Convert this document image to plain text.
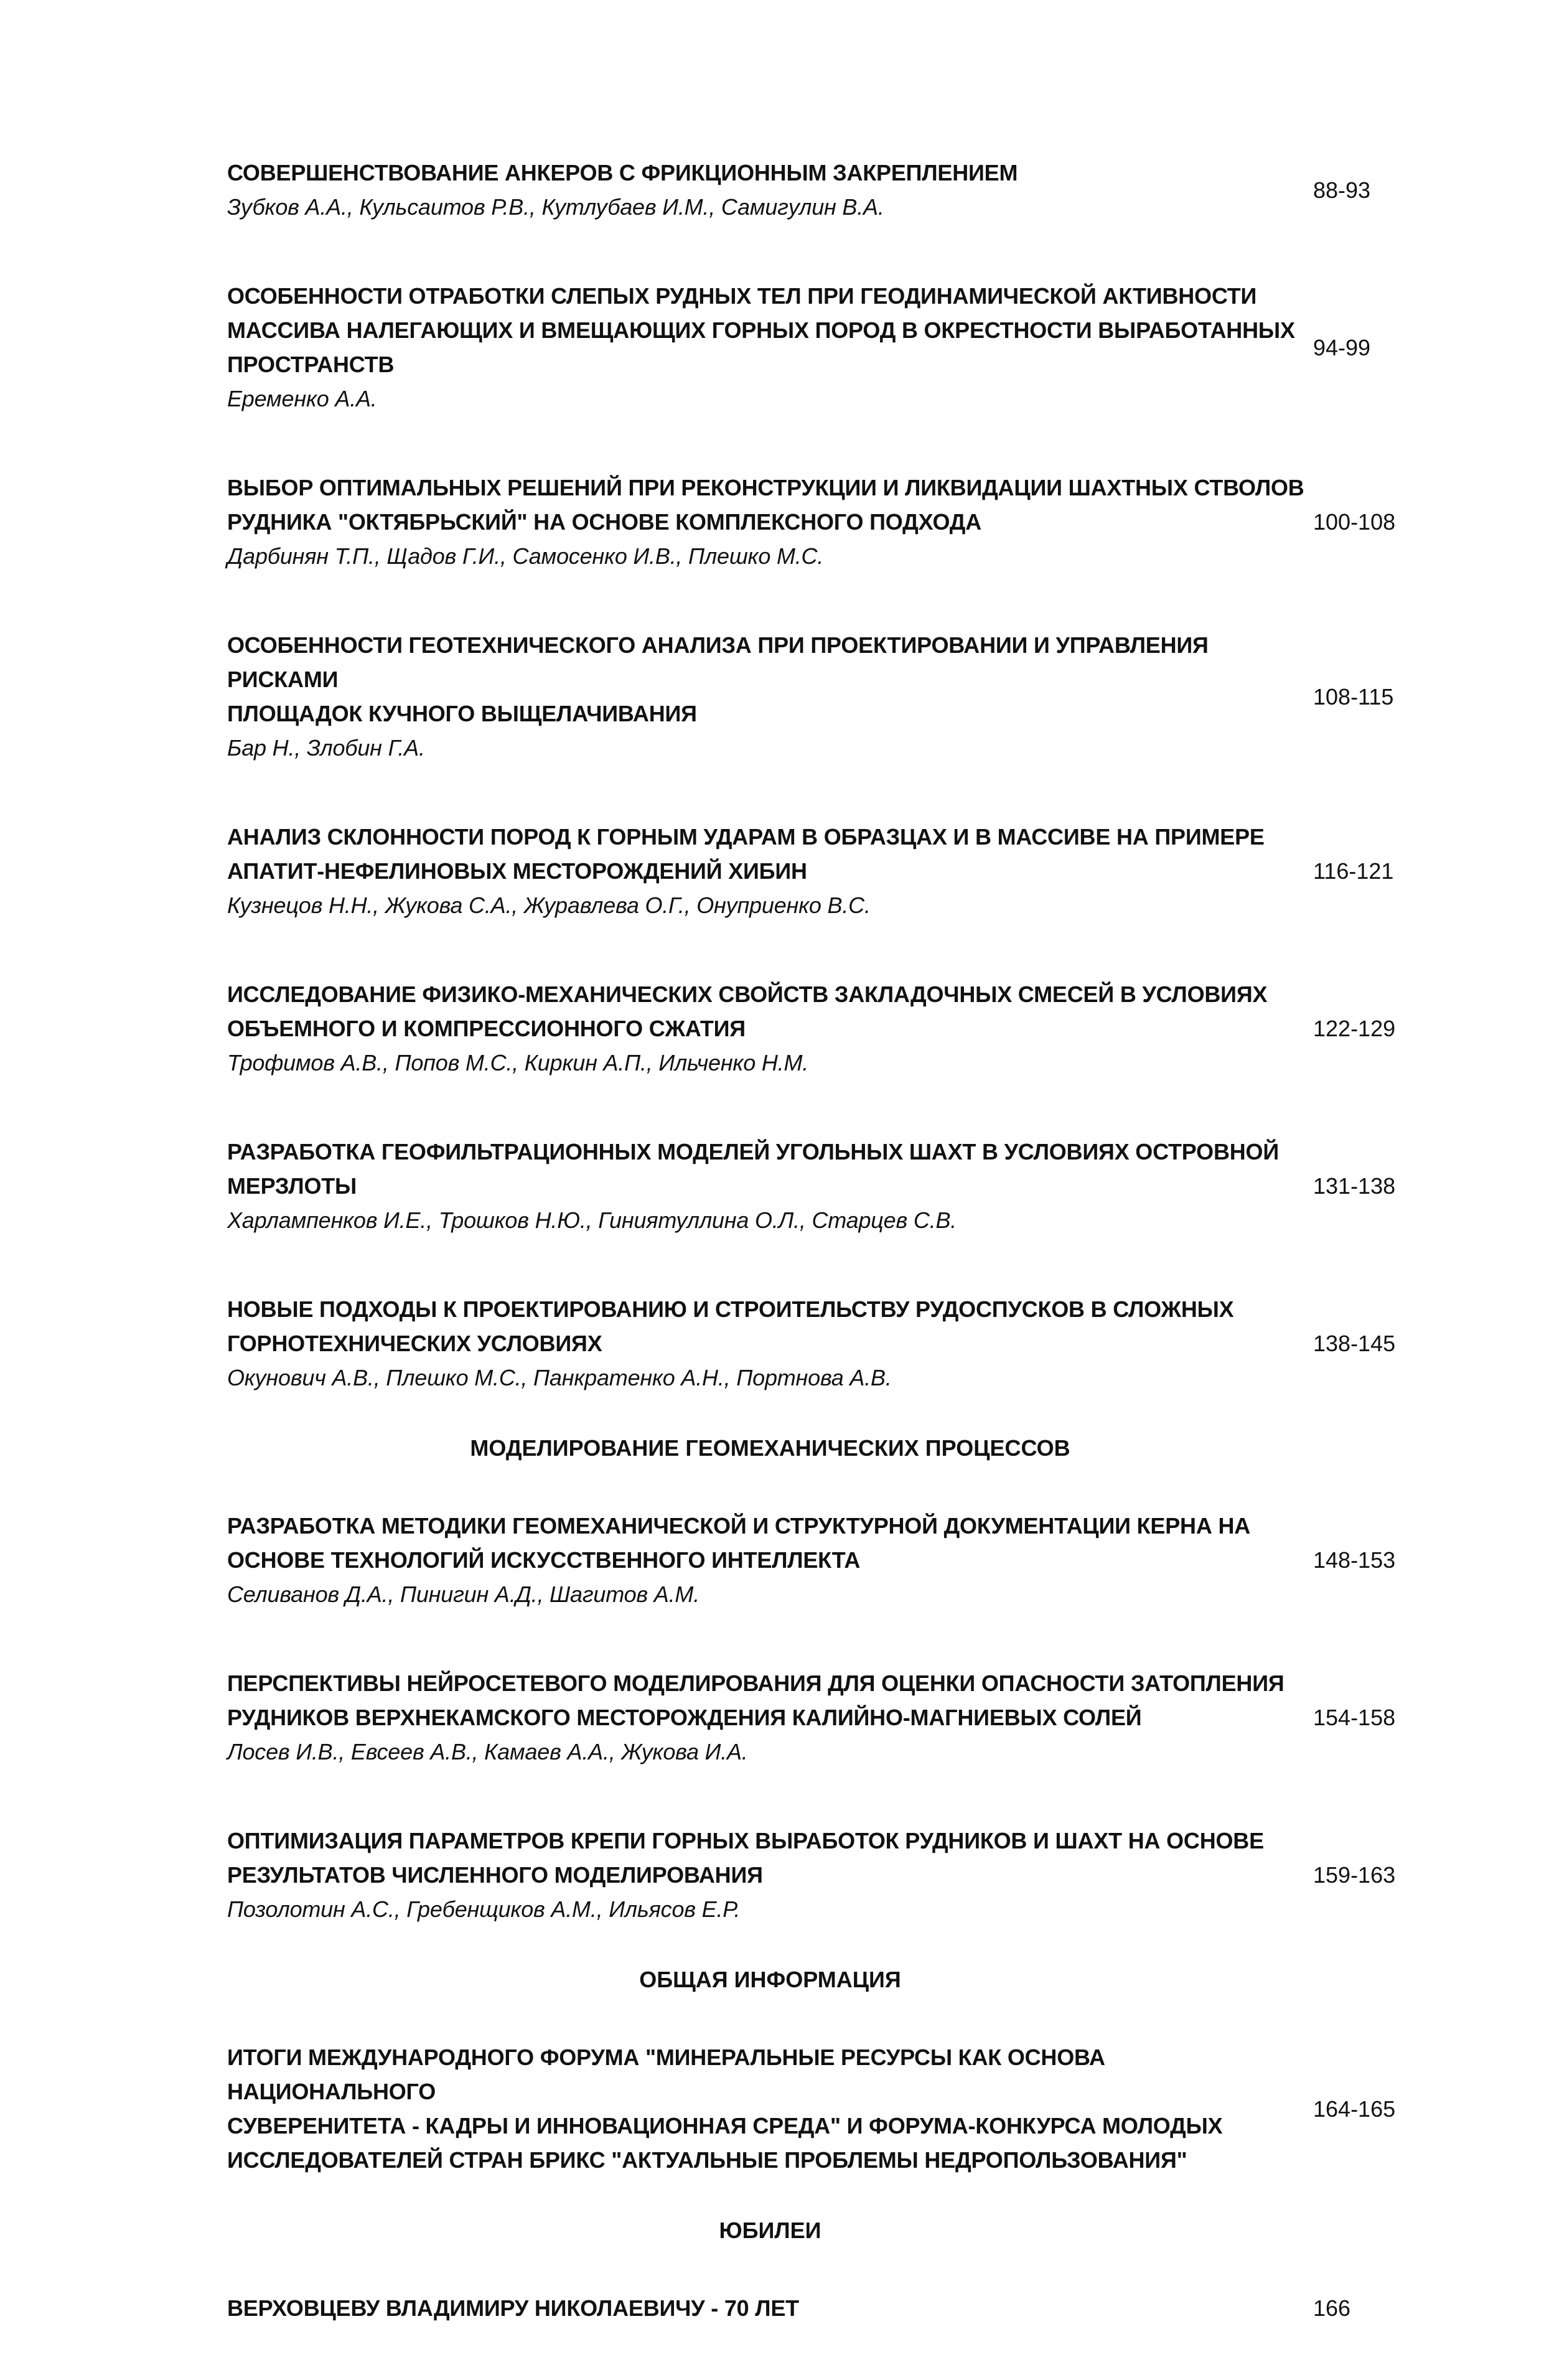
СОВЕРШЕНСТВОВАНИЕ АНКЕРОВ С ФРИКЦИОННЫМ ЗАКРЕПЛЕНИЕМ
Зубков А.А., Кульсаитов Р.В., Кутлубаев И.М., Самигулин В.А.
88-93
ОСОБЕННОСТИ ОТРАБОТКИ СЛЕПЫХ РУДНЫХ ТЕЛ ПРИ ГЕОДИНАМИЧЕСКОЙ АКТИВНОСТИ
МАССИВА НАЛЕГАЮЩИХ И ВМЕЩАЮЩИХ ГОРНЫХ ПОРОД В ОКРЕСТНОСТИ ВЫРАБОТАННЫХ
ПРОСТРАНСТВ
Еременко А.А.
94-99
ВЫБОР ОПТИМАЛЬНЫХ РЕШЕНИЙ ПРИ РЕКОНСТРУКЦИИ И ЛИКВИДАЦИИ ШАХТНЫХ СТВОЛОВ
РУДНИКА "ОКТЯБРЬСКИЙ" НА ОСНОВЕ КОМПЛЕКСНОГО ПОДХОДА
Дарбинян Т.П., Щадов Г.И., Самосенко И.В., Плешко М.С.
100-108
ОСОБЕННОСТИ ГЕОТЕХНИЧЕСКОГО АНАЛИЗА ПРИ ПРОЕКТИРОВАНИИ И УПРАВЛЕНИЯ РИСКАМИ
ПЛОЩАДОК КУЧНОГО ВЫЩЕЛАЧИВАНИЯ
Бар Н., Злобин Г.А.
108-115
АНАЛИЗ СКЛОННОСТИ ПОРОД К ГОРНЫМ УДАРАМ В ОБРАЗЦАХ И В МАССИВЕ НА ПРИМЕРЕ
АПАТИТ-НЕФЕЛИНОВЫХ МЕСТОРОЖДЕНИЙ ХИБИН
Кузнецов Н.Н., Жукова С.А., Журавлева О.Г., Онуприенко В.С.
116-121
ИССЛЕДОВАНИЕ ФИЗИКО-МЕХАНИЧЕСКИХ СВОЙСТВ ЗАКЛАДОЧНЫХ СМЕСЕЙ В УСЛОВИЯХ
ОБЪЕМНОГО И КОМПРЕССИОННОГО СЖАТИЯ
Трофимов А.В., Попов М.С., Киркин А.П., Ильченко Н.М.
122-129
РАЗРАБОТКА ГЕОФИЛЬТРАЦИОННЫХ МОДЕЛЕЙ УГОЛЬНЫХ ШАХТ В УСЛОВИЯХ ОСТРОВНОЙ
МЕРЗЛОТЫ
Харлампенков И.Е., Трошков Н.Ю., Гиниятуллина О.Л., Старцев С.В.
131-138
НОВЫЕ ПОДХОДЫ К ПРОЕКТИРОВАНИЮ И СТРОИТЕЛЬСТВУ РУДОСПУСКОВ В СЛОЖНЫХ
ГОРНОТЕХНИЧЕСКИХ УСЛОВИЯХ
Окунович А.В., Плешко М.С., Панкратенко А.Н., Портнова А.В.
138-145
МОДЕЛИРОВАНИЕ ГЕОМЕХАНИЧЕСКИХ ПРОЦЕССОВ
РАЗРАБОТКА МЕТОДИКИ ГЕОМЕХАНИЧЕСКОЙ И СТРУКТУРНОЙ ДОКУМЕНТАЦИИ КЕРНА НА
ОСНОВЕ ТЕХНОЛОГИЙ ИСКУССТВЕННОГО ИНТЕЛЛЕКТА
Селиванов Д.А., Пинигин А.Д., Шагитов А.М.
148-153
ПЕРСПЕКТИВЫ НЕЙРОСЕТЕВОГО МОДЕЛИРОВАНИЯ ДЛЯ ОЦЕНКИ ОПАСНОСТИ ЗАТОПЛЕНИЯ
РУДНИКОВ ВЕРХНЕКАМСКОГО МЕСТОРОЖДЕНИЯ КАЛИЙНО-МАГНИЕВЫХ СОЛЕЙ
Лосев И.В., Евсеев А.В., Камаев А.А., Жукова И.А.
154-158
ОПТИМИЗАЦИЯ ПАРАМЕТРОВ КРЕПИ ГОРНЫХ ВЫРАБОТОК РУДНИКОВ И ШАХТ НА ОСНОВЕ
РЕЗУЛЬТАТОВ ЧИСЛЕННОГО МОДЕЛИРОВАНИЯ
Позолотин А.С., Гребенщиков А.М., Ильясов Е.Р.
159-163
ОБЩАЯ ИНФОРМАЦИЯ
ИТОГИ МЕЖДУНАРОДНОГО ФОРУМА "МИНЕРАЛЬНЫЕ РЕСУРСЫ КАК ОСНОВА НАЦИОНАЛЬНОГО
СУВЕРЕНИТЕТА - КАДРЫ И ИННОВАЦИОННАЯ СРЕДА" И ФОРУМА-КОНКУРСА МОЛОДЫХ
ИССЛЕДОВАТЕЛЕЙ СТРАН БРИКС "АКТУАЛЬНЫЕ ПРОБЛЕМЫ НЕДРОПОЛЬЗОВАНИЯ"
164-165
ЮБИЛЕИ
ВЕРХОВЦЕВУ ВЛАДИМИРУ НИКОЛАЕВИЧУ - 70 ЛЕТ	166
